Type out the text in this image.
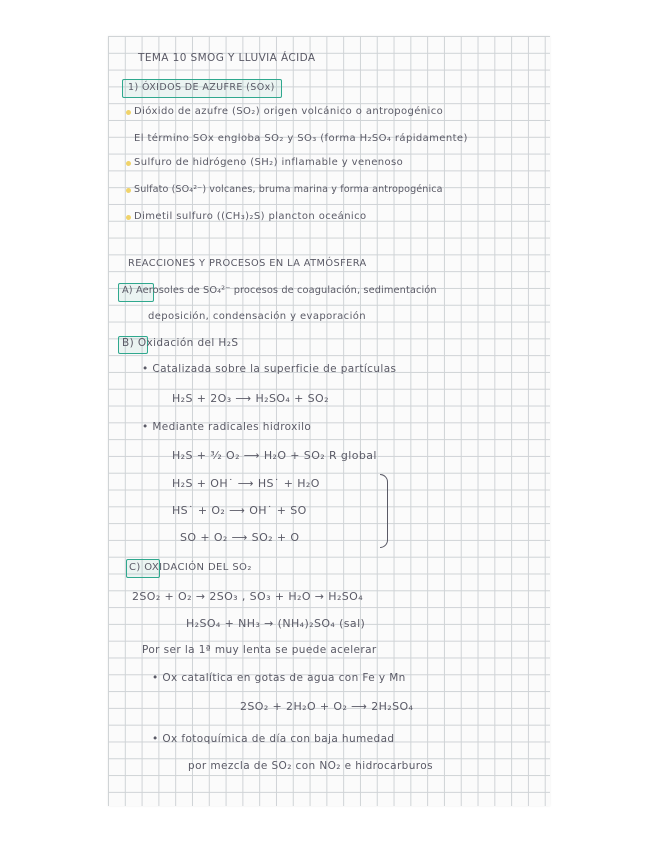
TEMA 10 SMOG Y LLUVIA ÁCIDA
1) ÓXIDOS DE AZUFRE (SOx)
Dióxido de azufre (SO₂) origen volcánico o antropogénico
El término SOx engloba SO₂ y SO₃ (forma H₂SO₄ rápidamente)
Sulfuro de hidrógeno (SH₂) inflamable y venenoso
Sulfato (SO₄²⁻) volcanes, bruma marina y forma antropogénica
Dimetil sulfuro ((CH₃)₂S) plancton oceánico
REACCIONES Y PROCESOS EN LA ATMÓSFERA
A) Aerosoles de SO₄²⁻ procesos de coagulación, sedimentación
deposición, condensación y evaporación
B) Oxidación del H₂S
• Catalizada sobre la superficie de partículas
H₂S + 2O₃ ⟶ H₂SO₄ + SO₂
• Mediante radicales hidroxilo
H₂S + ³⁄₂ O₂ ⟶ H₂O + SO₂ R global
H₂S + OH˙ ⟶ HS˙ + H₂O
HS˙ + O₂ ⟶ OH˙ + SO
SO + O₂ ⟶ SO₂ + O
C) OXIDACIÓN DEL SO₂
2SO₂ + O₂ → 2SO₃ , SO₃ + H₂O → H₂SO₄
H₂SO₄ + NH₃ → (NH₄)₂SO₄ (sal)
Por ser la 1ª muy lenta se puede acelerar
• Ox catalítica en gotas de agua con Fe y Mn
2SO₂ + 2H₂O + O₂ ⟶ 2H₂SO₄
• Ox fotoquímica de día con baja humedad
por mezcla de SO₂ con NO₂ e hidrocarburos
